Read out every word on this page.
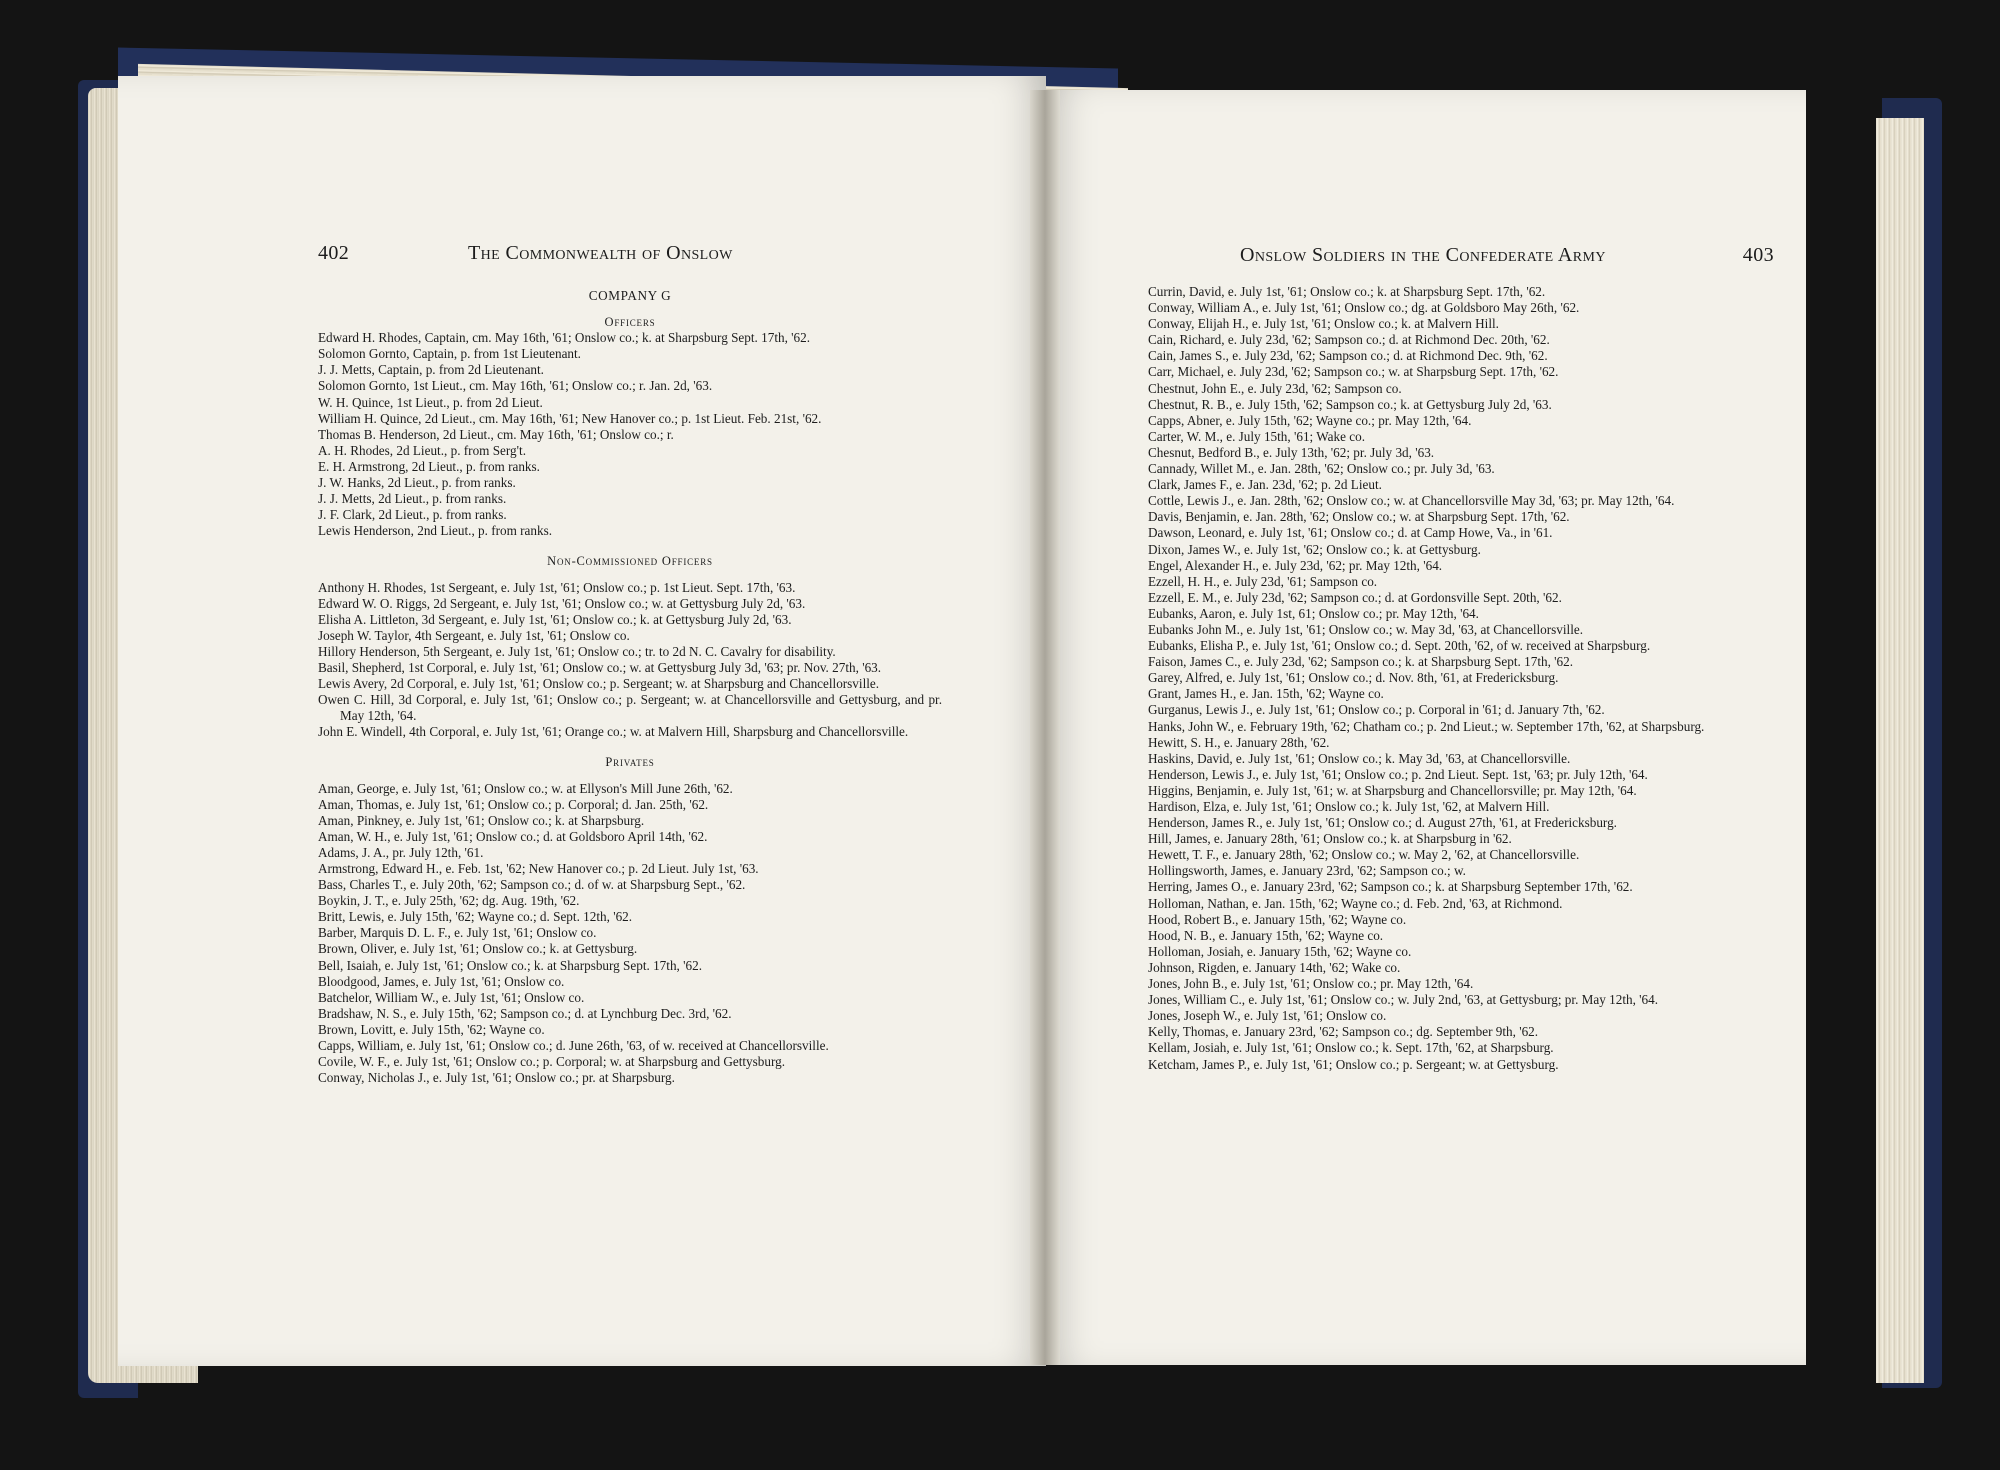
402	The Commonwealth of Onslow	Onslow Soldiers in the Confederate Army	403

COMPANY G

Officers

Edward H. Rhodes, Captain, cm. May 16th, '61; Onslow co.; k. at Sharpsburg Sept. 17th, '62.

Solomon Gornto, Captain, p. from 1st Lieutenant.

J. J. Metts, Captain, p. from 2d Lieutenant.

Solomon Gornto, 1st Lieut., cm. May 16th, '61; Onslow co.; r. Jan. 2d, '63.

W. H. Quince, 1st Lieut., p. from 2d Lieut.

William H. Quince, 2d Lieut., cm. May 16th, '61; New Hanover co.; p. 1st Lieut. Feb. 21st, '62.

Thomas B. Henderson, 2d Lieut., cm. May 16th, '61; Onslow co.; r.

A. H. Rhodes, 2d Lieut., p. from Serg't.

E. H. Armstrong, 2d Lieut., p. from ranks.

J. W. Hanks, 2d Lieut., p. from ranks.

J. J. Metts, 2d Lieut., p. from ranks.

J. F. Clark, 2d Lieut., p. from ranks.

Lewis Henderson, 2nd Lieut., p. from ranks.

Non-Commissioned Officers

Anthony H. Rhodes, 1st Sergeant, e. July 1st, '61; Onslow co.; p. 1st Lieut. Sept. 17th, '63.

Edward W. O. Riggs, 2d Sergeant, e. July 1st, '61; Onslow co.; w. at Gettysburg July 2d, '63.

Elisha A. Littleton, 3d Sergeant, e. July 1st, '61; Onslow co.; k. at Gettysburg July 2d, '63.

Joseph W. Taylor, 4th Sergeant, e. July 1st, '61; Onslow co.

Hillory Henderson, 5th Sergeant, e. July 1st, '61; Onslow co.; tr. to 2d N. C. Cavalry for disability.

Basil, Shepherd, 1st Corporal, e. July 1st, '61; Onslow co.; w. at Gettysburg July 3d, '63; pr. Nov. 27th, '63.

Lewis Avery, 2d Corporal, e. July 1st, '61; Onslow co.; p. Sergeant; w. at Sharpsburg and Chancellorsville.

Owen C. Hill, 3d Corporal, e. July 1st, '61; Onslow co.; p. Sergeant; w. at Chancellorsville and Gettysburg, and pr. May 12th, '64.

John E. Windell, 4th Corporal, e. July 1st, '61; Orange co.; w. at Malvern Hill, Sharpsburg and Chancellorsville.

Privates

Aman, George, e. July 1st, '61; Onslow co.; w. at Ellyson's Mill June 26th, '62.

Aman, Thomas, e. July 1st, '61; Onslow co.; p. Corporal; d. Jan. 25th, '62.

Aman, Pinkney, e. July 1st, '61; Onslow co.; k. at Sharpsburg.

Aman, W. H., e. July 1st, '61; Onslow co.; d. at Goldsboro April 14th, '62.

Adams, J. A., pr. July 12th, '61.

Armstrong, Edward H., e. Feb. 1st, '62; New Hanover co.; p. 2d Lieut. July 1st, '63.

Bass, Charles T., e. July 20th, '62; Sampson co.; d. of w. at Sharpsburg Sept., '62.

Boykin, J. T., e. July 25th, '62; dg. Aug. 19th, '62.

Britt, Lewis, e. July 15th, '62; Wayne co.; d. Sept. 12th, '62.

Barber, Marquis D. L. F., e. July 1st, '61; Onslow co.

Brown, Oliver, e. July 1st, '61; Onslow co.; k. at Gettysburg.

Bell, Isaiah, e. July 1st, '61; Onslow co.; k. at Sharpsburg Sept. 17th, '62.

Bloodgood, James, e. July 1st, '61; Onslow co.

Batchelor, William W., e. July 1st, '61; Onslow co.

Bradshaw, N. S., e. July 15th, '62; Sampson co.; d. at Lynchburg Dec. 3rd, '62.

Brown, Lovitt, e. July 15th, '62; Wayne co.

Capps, William, e. July 1st, '61; Onslow co.; d. June 26th, '63, of w. received at Chancellorsville.

Covile, W. F., e. July 1st, '61; Onslow co.; p. Corporal; w. at Sharpsburg and Gettysburg.

Conway, Nicholas J., e. July 1st, '61; Onslow co.; pr. at Sharpsburg.

Currin, David, e. July 1st, '61; Onslow co.; k. at Sharpsburg Sept. 17th, '62.

Conway, William A., e. July 1st, '61; Onslow co.; dg. at Goldsboro May 26th, '62.

Conway, Elijah H., e. July 1st, '61; Onslow co.; k. at Malvern Hill.

Cain, Richard, e. July 23d, '62; Sampson co.; d. at Richmond Dec. 20th, '62.

Cain, James S., e. July 23d, '62; Sampson co.; d. at Richmond Dec. 9th, '62.

Carr, Michael, e. July 23d, '62; Sampson co.; w. at Sharpsburg Sept. 17th, '62.

Chestnut, John E., e. July 23d, '62; Sampson co.

Chestnut, R. B., e. July 15th, '62; Sampson co.; k. at Gettysburg July 2d, '63.

Capps, Abner, e. July 15th, '62; Wayne co.; pr. May 12th, '64.

Carter, W. M., e. July 15th, '61; Wake co.

Chesnut, Bedford B., e. July 13th, '62; pr. July 3d, '63.

Cannady, Willet M., e. Jan. 28th, '62; Onslow co.; pr. July 3d, '63.

Clark, James F., e. Jan. 23d, '62; p. 2d Lieut.

Cottle, Lewis J., e. Jan. 28th, '62; Onslow co.; w. at Chancellorsville May 3d, '63; pr. May 12th, '64.

Davis, Benjamin, e. Jan. 28th, '62; Onslow co.; w. at Sharpsburg Sept. 17th, '62.

Dawson, Leonard, e. July 1st, '61; Onslow co.; d. at Camp Howe, Va., in '61.

Dixon, James W., e. July 1st, '62; Onslow co.; k. at Gettysburg.

Engel, Alexander H., e. July 23d, '62; pr. May 12th, '64.

Ezzell, H. H., e. July 23d, '61; Sampson co.

Ezzell, E. M., e. July 23d, '62; Sampson co.; d. at Gordonsville Sept. 20th, '62.

Eubanks, Aaron, e. July 1st, 61; Onslow co.; pr. May 12th, '64.

Eubanks John M., e. July 1st, '61; Onslow co.; w. May 3d, '63, at Chancellorsville.

Eubanks, Elisha P., e. July 1st, '61; Onslow co.; d. Sept. 20th, '62, of w. received at Sharpsburg.

Faison, James C., e. July 23d, '62; Sampson co.; k. at Sharpsburg Sept. 17th, '62.

Garey, Alfred, e. July 1st, '61; Onslow co.; d. Nov. 8th, '61, at Fredericksburg.

Grant, James H., e. Jan. 15th, '62; Wayne co.

Gurganus, Lewis J., e. July 1st, '61; Onslow co.; p. Corporal in '61; d. January 7th, '62.

Hanks, John W., e. February 19th, '62; Chatham co.; p. 2nd Lieut.; w. September 17th, '62, at Sharpsburg.

Hewitt, S. H., e. January 28th, '62.

Haskins, David, e. July 1st, '61; Onslow co.; k. May 3d, '63, at Chancellorsville.

Henderson, Lewis J., e. July 1st, '61; Onslow co.; p. 2nd Lieut. Sept. 1st, '63; pr. July 12th, '64.

Higgins, Benjamin, e. July 1st, '61; w. at Sharpsburg and Chancellorsville; pr. May 12th, '64.

Hardison, Elza, e. July 1st, '61; Onslow co.; k. July 1st, '62, at Malvern Hill.

Henderson, James R., e. July 1st, '61; Onslow co.; d. August 27th, '61, at Fredericksburg.

Hill, James, e. January 28th, '61; Onslow co.; k. at Sharpsburg in '62.

Hewett, T. F., e. January 28th, '62; Onslow co.; w. May 2, '62, at Chancellorsville.

Hollingsworth, James, e. January 23rd, '62; Sampson co.; w.

Herring, James O., e. January 23rd, '62; Sampson co.; k. at Sharpsburg September 17th, '62.

Holloman, Nathan, e. Jan. 15th, '62; Wayne co.; d. Feb. 2nd, '63, at Richmond.

Hood, Robert B., e. January 15th, '62; Wayne co.

Hood, N. B., e. January 15th, '62; Wayne co.

Holloman, Josiah, e. January 15th, '62; Wayne co.

Johnson, Rigden, e. January 14th, '62; Wake co.

Jones, John B., e. July 1st, '61; Onslow co.; pr. May 12th, '64.

Jones, William C., e. July 1st, '61; Onslow co.; w. July 2nd, '63, at Gettysburg; pr. May 12th, '64.

Jones, Joseph W., e. July 1st, '61; Onslow co.

Kelly, Thomas, e. January 23rd, '62; Sampson co.; dg. September 9th, '62.

Kellam, Josiah, e. July 1st, '61; Onslow co.; k. Sept. 17th, '62, at Sharpsburg.

Ketcham, James P., e. July 1st, '61; Onslow co.; p. Sergeant; w. at Gettysburg.
